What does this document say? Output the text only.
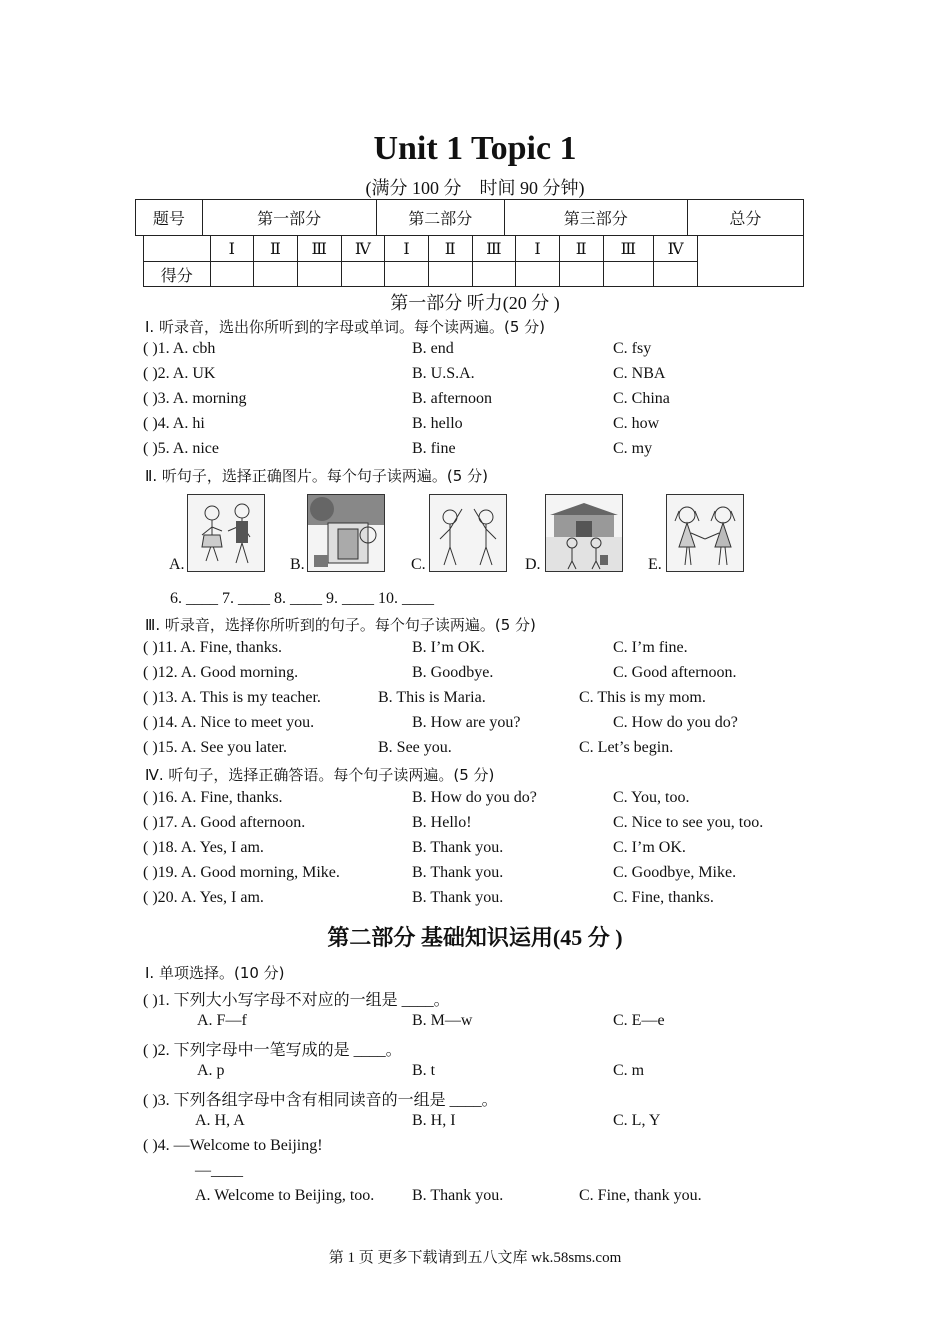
Unit 1 Topic 1
(满分 100 分　时间 90 分钟)
题号	第一部分	第二部分	第三部分	总分
	Ⅰ	Ⅱ	Ⅲ	Ⅳ	Ⅰ	Ⅱ	Ⅲ	Ⅰ	Ⅱ	Ⅲ	Ⅳ	
得分												
第一部分 听力(20 分 )
Ⅰ. 听录音，选出你所听到的字母或单词。每个读两遍。(5 分)
( )1. A. cbh	B. end	C. fsy
( )2. A. UK	B. U.S.A.	C. NBA
( )3. A. morning	B. afternoon	C. China
( )4. A. hi	B. hello	C. how
( )5. A. nice	B. fine	C. my
Ⅱ. 听句子，选择正确图片。每个句子读两遍。(5 分)
A.	B.	C.	D.	E.
6. ____ 7. ____ 8. ____ 9. ____ 10. ____
Ⅲ. 听录音，选择你所听到的句子。每个句子读两遍。(5 分)
( )11. A. Fine, thanks.	B. I’m OK.	C. I’m fine.
( )12. A. Good morning.	B. Goodbye.	C. Good afternoon.
( )13. A. This is my teacher.	B. This is Maria.	C. This is my mom.
( )14. A. Nice to meet you.	B. How are you?	C. How do you do?
( )15. A. See you later.	B. See you.	C. Let’s begin.
Ⅳ. 听句子，选择正确答语。每个句子读两遍。(5 分)
( )16. A. Fine, thanks.	B. How do you do?	C. You, too.
( )17. A. Good afternoon.	B. Hello!	C. Nice to see you, too.
( )18. A. Yes, I am.	B. Thank you.	C. I’m OK.
( )19. A. Good morning, Mike.	B. Thank you.	C. Goodbye, Mike.
( )20. A. Yes, I am.	B. Thank you.	C. Fine, thanks.
第二部分 基础知识运用(45 分 )
Ⅰ. 单项选择。(10 分)
( )1. 下列大小写字母不对应的一组是 ____。
A. F—f	B. M—w	C. E—e
( )2. 下列字母中一笔写成的是 ____。
A. p	B. t	C. m
( )3. 下列各组字母中含有相同读音的一组是 ____。
A. H, A	B. H, I	C. L, Y
( )4. —Welcome to Beijing!
—____
A. Welcome to Beijing, too. B. Thank you.	C. Fine, thank you.
第 1 页 更多下载请到五八文库 wk.58sms.com
